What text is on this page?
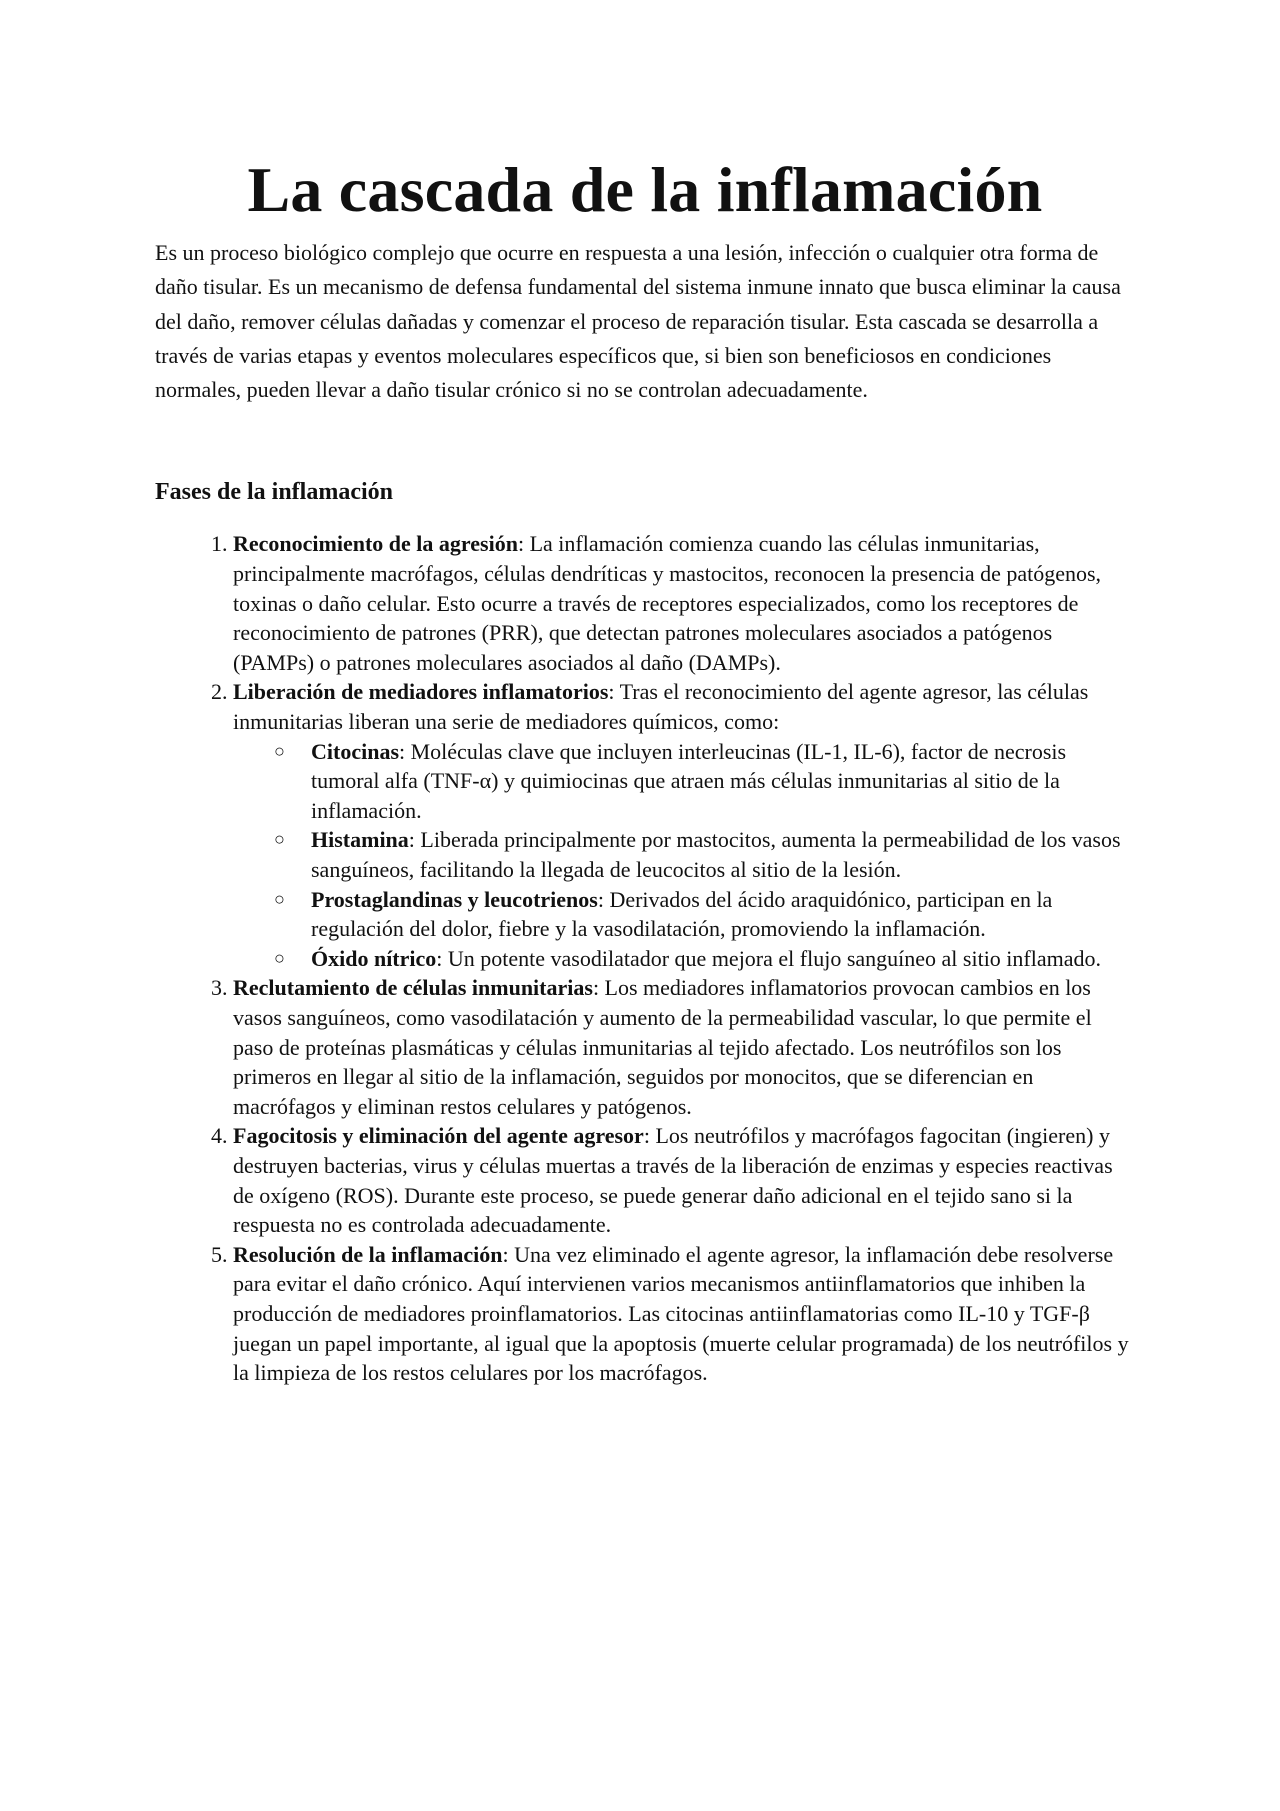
La cascada de la inflamación

Es un proceso biológico complejo que ocurre en respuesta a una lesión, infección o cualquier otra forma de daño tisular. Es un mecanismo de defensa fundamental del sistema inmune innato que busca eliminar la causa del daño, remover células dañadas y comenzar el proceso de reparación tisular. Esta cascada se desarrolla a través de varias etapas y eventos moleculares específicos que, si bien son beneficiosos en condiciones normales, pueden llevar a daño tisular crónico si no se controlan adecuadamente.

Fases de la inflamación
1. Reconocimiento de la agresión: La inflamación comienza cuando las células inmunitarias, principalmente macrófagos, células dendríticas y mastocitos, reconocen la presencia de patógenos, toxinas o daño celular. Esto ocurre a través de receptores especializados, como los receptores de reconocimiento de patrones (PRR), que detectan patrones moleculares asociados a patógenos (PAMPs) o patrones moleculares asociados al daño (DAMPs).
2. Liberación de mediadores inflamatorios: Tras el reconocimiento del agente agresor, las células inmunitarias liberan una serie de mediadores químicos, como:
○ Citocinas: Moléculas clave que incluyen interleucinas (IL-1, IL-6), factor de necrosis tumoral alfa (TNF-α) y quimiocinas que atraen más células inmunitarias al sitio de la inflamación.
○ Histamina: Liberada principalmente por mastocitos, aumenta la permeabilidad de los vasos sanguíneos, facilitando la llegada de leucocitos al sitio de la lesión.
○ Prostaglandinas y leucotrienos: Derivados del ácido araquidónico, participan en la regulación del dolor, fiebre y la vasodilatación, promoviendo la inflamación.
○ Óxido nítrico: Un potente vasodilatador que mejora el flujo sanguíneo al sitio inflamado.
3. Reclutamiento de células inmunitarias: Los mediadores inflamatorios provocan cambios en los vasos sanguíneos, como vasodilatación y aumento de la permeabilidad vascular, lo que permite el paso de proteínas plasmáticas y células inmunitarias al tejido afectado. Los neutrófilos son los primeros en llegar al sitio de la inflamación, seguidos por monocitos, que se diferencian en macrófagos y eliminan restos celulares y patógenos.
4. Fagocitosis y eliminación del agente agresor: Los neutrófilos y macrófagos fagocitan (ingieren) y destruyen bacterias, virus y células muertas a través de la liberación de enzimas y especies reactivas de oxígeno (ROS). Durante este proceso, se puede generar daño adicional en el tejido sano si la respuesta no es controlada adecuadamente.
5. Resolución de la inflamación: Una vez eliminado el agente agresor, la inflamación debe resolverse para evitar el daño crónico. Aquí intervienen varios mecanismos antiinflamatorios que inhiben la producción de mediadores proinflamatorios. Las citocinas antiinflamatorias como IL-10 y TGF-β juegan un papel importante, al igual que la apoptosis (muerte celular programada) de los neutrófilos y la limpieza de los restos celulares por los macrófagos.
